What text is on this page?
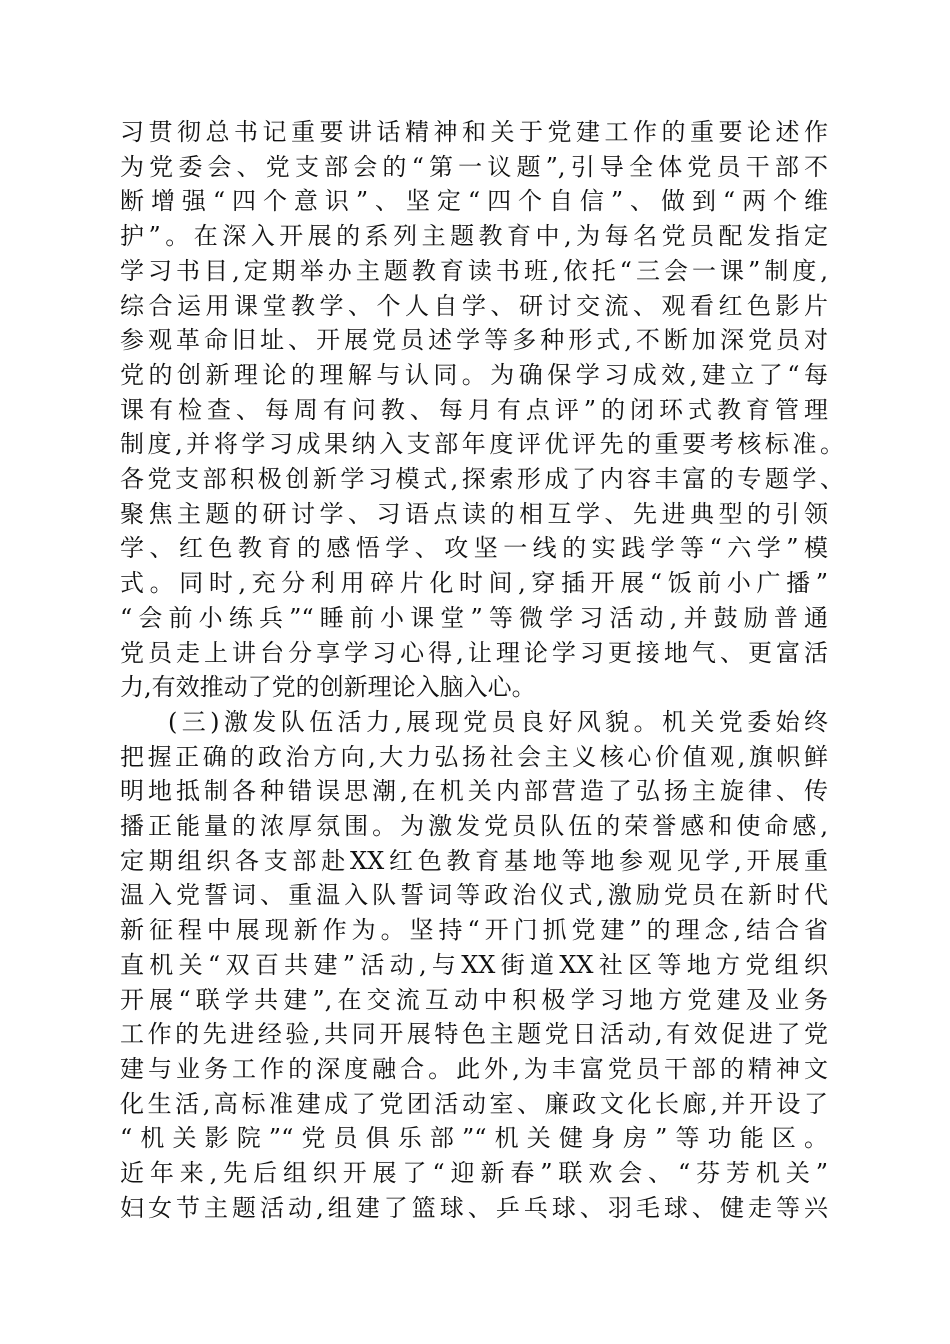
习贯彻总书记重要讲话精神和关于党建工作的重要论述作
为党委会、党支部会的“第一议题”,引导全体党员干部不
断增强“四个意识”、坚定“四个自信”、做到“两个维
护”。在深入开展的系列主题教育中,为每名党员配发指定
学习书目,定期举办主题教育读书班,依托“三会一课”制度,
综合运用课堂教学、个人自学、研讨交流、观看红色影片
参观革命旧址、开展党员述学等多种形式,不断加深党员对
党的创新理论的理解与认同。为确保学习成效,建立了“每
课有检查、每周有问教、每月有点评”的闭环式教育管理
制度,并将学习成果纳入支部年度评优评先的重要考核标准。
各党支部积极创新学习模式,探索形成了内容丰富的专题学、
聚焦主题的研讨学、习语点读的相互学、先进典型的引领
学、红色教育的感悟学、攻坚一线的实践学等“六学”模
式。同时,充分利用碎片化时间,穿插开展“饭前小广播”
“会前小练兵”“睡前小课堂”等微学习活动,并鼓励普通
党员走上讲台分享学习心得,让理论学习更接地气、更富活
力,有效推动了党的创新理论入脑入心。
(三)激发队伍活力,展现党员良好风貌。机关党委始终
把握正确的政治方向,大力弘扬社会主义核心价值观,旗帜鲜
明地抵制各种错误思潮,在机关内部营造了弘扬主旋律、传
播正能量的浓厚氛围。为激发党员队伍的荣誉感和使命感,
定期组织各支部赴XX红色教育基地等地参观见学,开展重
温入党誓词、重温入队誓词等政治仪式,激励党员在新时代
新征程中展现新作为。坚持“开门抓党建”的理念,结合省
直机关“双百共建”活动,与XX街道XX社区等地方党组织
开展“联学共建”,在交流互动中积极学习地方党建及业务
工作的先进经验,共同开展特色主题党日活动,有效促进了党
建与业务工作的深度融合。此外,为丰富党员干部的精神文
化生活,高标准建成了党团活动室、廉政文化长廊,并开设了
“机关影院”“党员俱乐部”“机关健身房”等功能区。
近年来,先后组织开展了“迎新春”联欢会、“芬芳机关”
妇女节主题活动,组建了篮球、乒乓球、羽毛球、健走等兴
